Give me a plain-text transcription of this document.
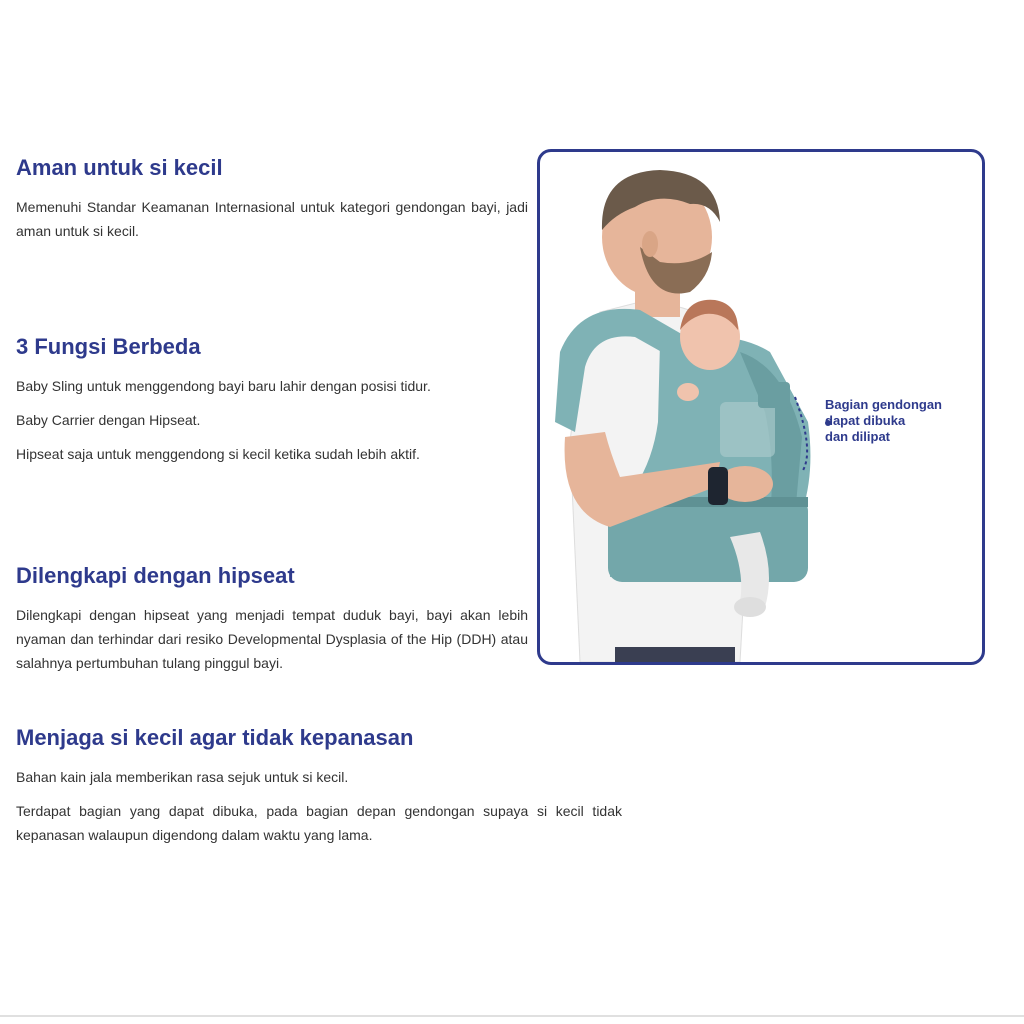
Aman untuk si kecil

Memenuhi Standar Keamanan Internasional untuk kategori gendongan bayi, jadi aman untuk si kecil.

3 Fungsi Berbeda

Baby Sling untuk menggendong bayi baru lahir dengan posisi tidur.

Baby Carrier dengan Hipseat.

Hipseat saja untuk menggendong si kecil ketika sudah lebih aktif.

Dilengkapi dengan hipseat

Dilengkapi dengan hipseat yang menjadi tempat duduk bayi, bayi akan lebih nyaman dan terhindar dari resiko Developmental Dysplasia of the Hip (DDH) atau salahnya pertumbuhan tulang pinggul bayi.

Menjaga si kecil agar tidak kepanasan

Bahan kain jala memberikan rasa sejuk untuk si kecil.

Terdapat bagian yang dapat dibuka, pada bagian depan gendongan supaya si kecil tidak kepanasan walaupun digendong dalam waktu yang lama.

Bagian gendongan
dapat dibuka
dan dilipat
